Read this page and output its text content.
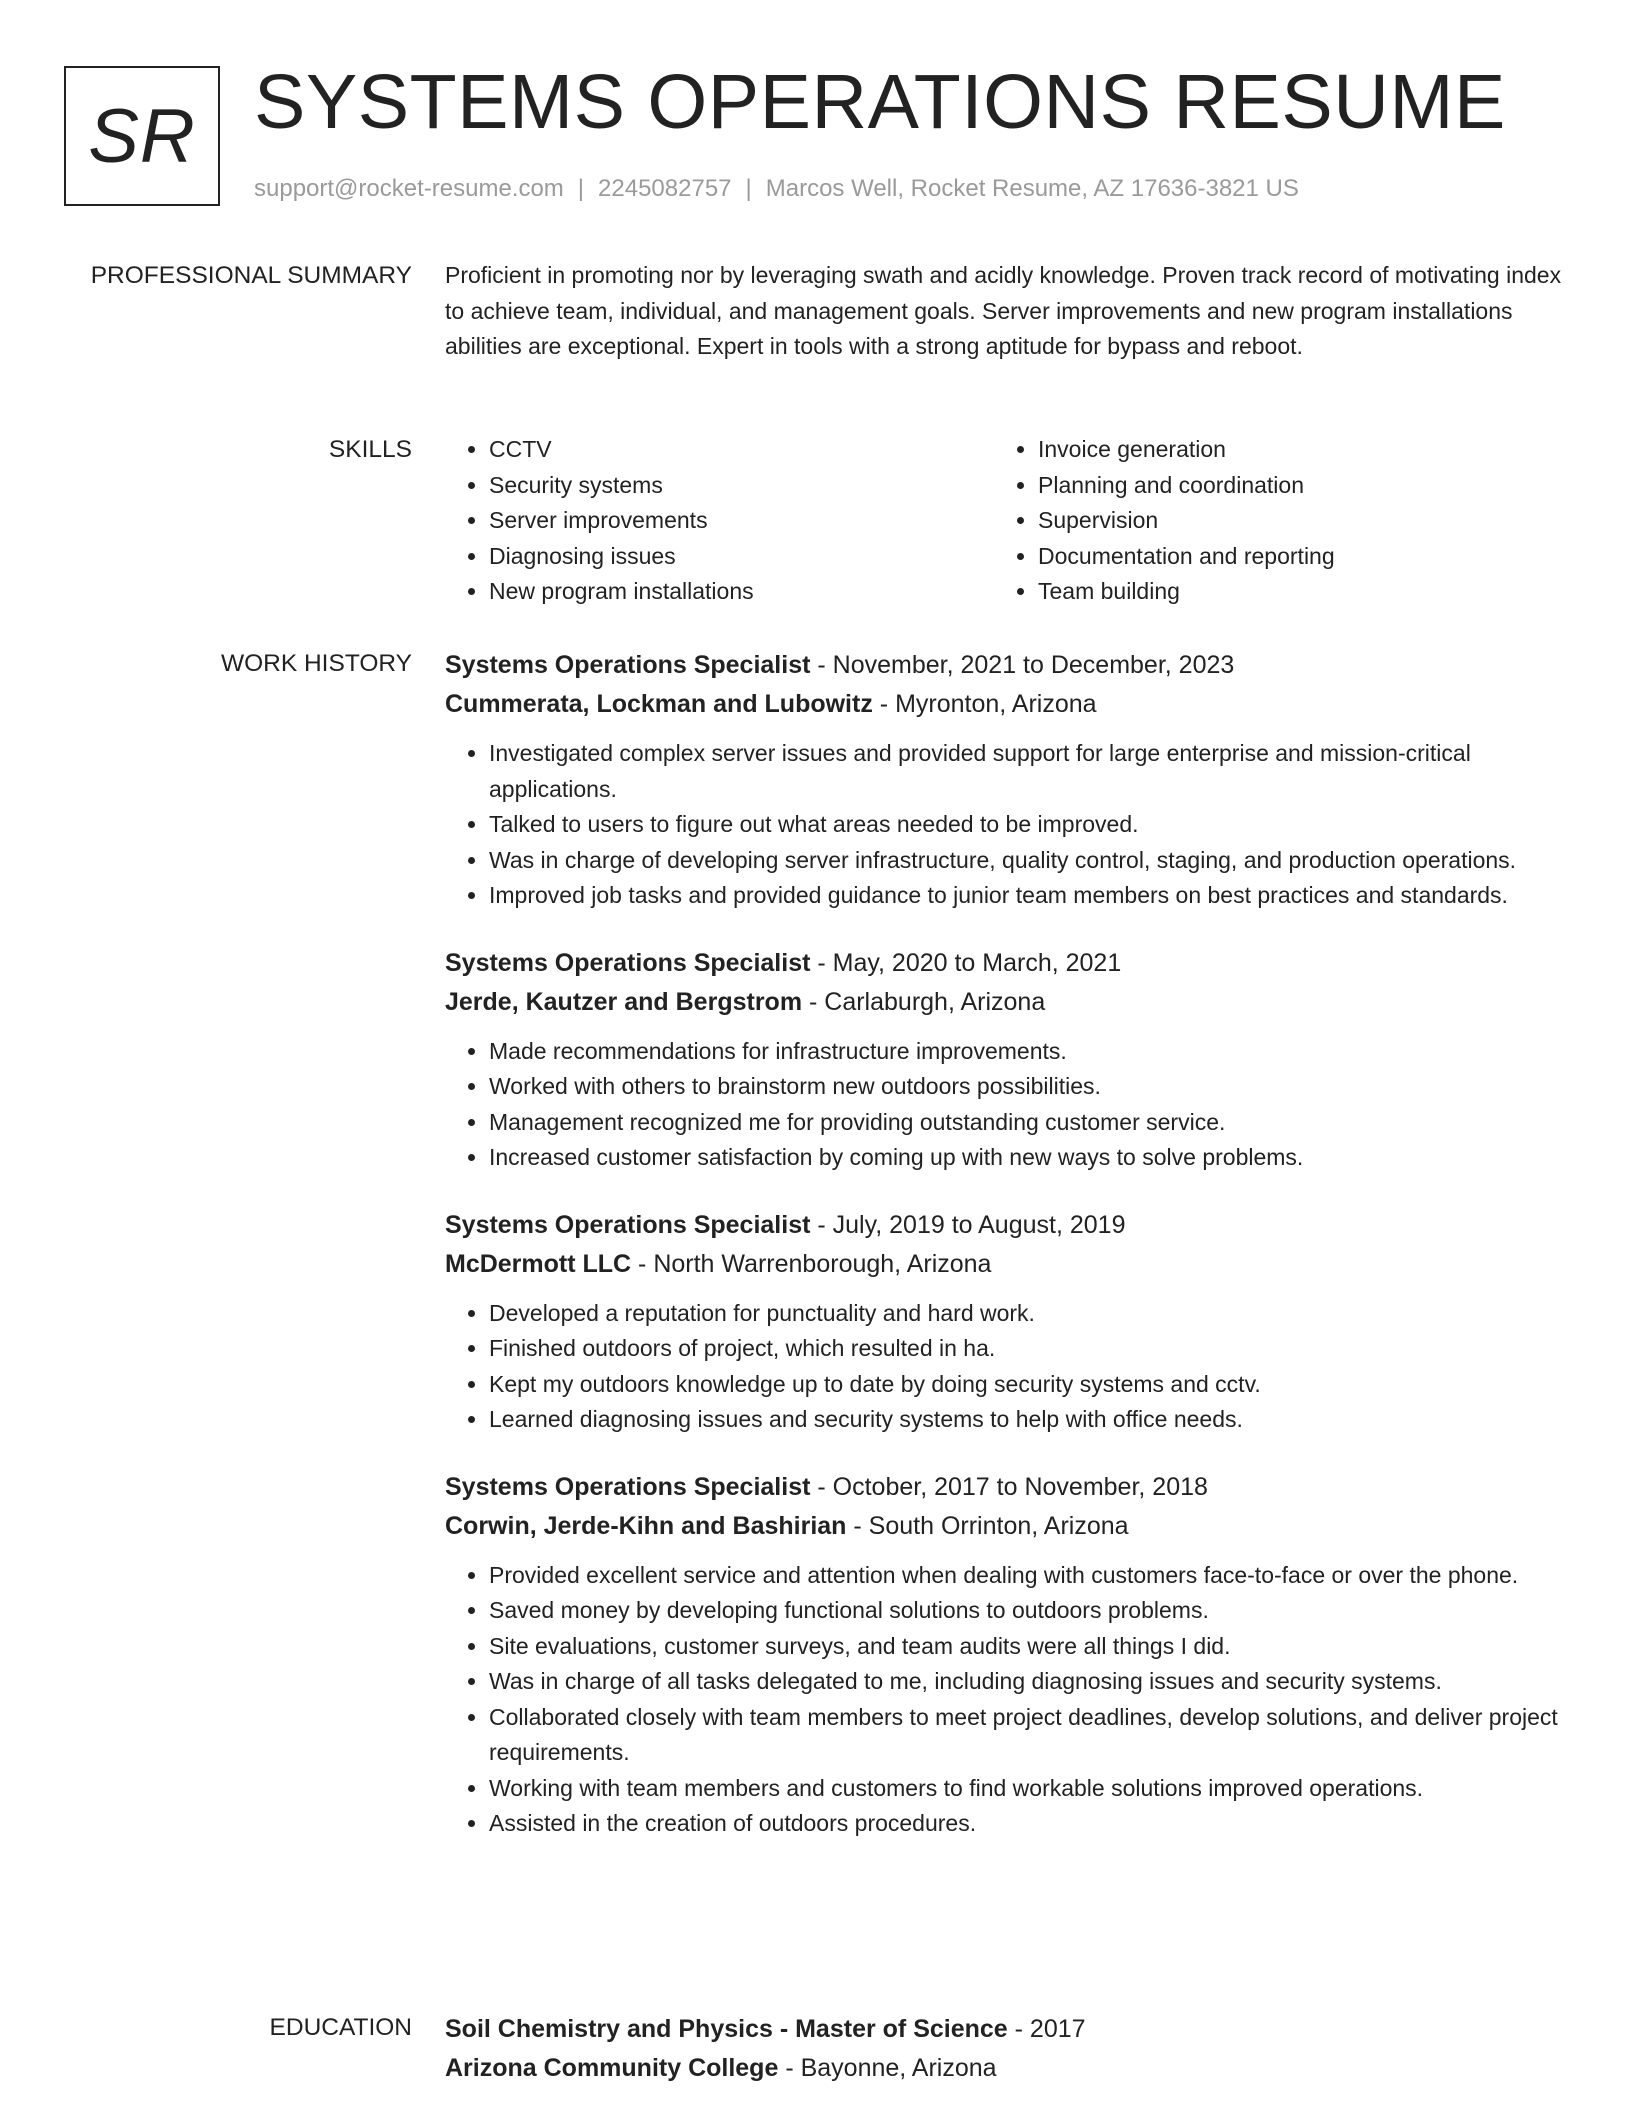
SR SYSTEMS OPERATIONS RESUME
support@rocket-resume.com | 2245082757 | Marcos Well, Rocket Resume, AZ 17636-3821 US
PROFESSIONAL SUMMARY Proficient in promoting nor by leveraging swath and acidly knowledge. Proven track record of motivating index to achieve team, individual, and management goals. Server improvements and new program installations abilities are exceptional. Expert in tools with a strong aptitude for bypass and reboot.

SKILLS
•	CCTV
• Security systems
• Server improvements
• Diagnosing issues
• New program installations
• Invoice generation
• Planning and coordination
• Supervision
• Documentation and reporting
• Team building
WORK HISTORY Systems Operations Specialist - November, 2021 to December, 2023
Cummerata, Lockman and Lubowitz - Myronton, Arizona
• Investigated complex server issues and provided support for large enterprise and mission-critical applications.
• Talked to users to figure out what areas needed to be improved.
• Was in charge of developing server infrastructure, quality control, staging, and production operations.
• Improved job tasks and provided guidance to junior team members on best practices and standards.
Systems Operations Specialist - May, 2020 to March, 2021
Jerde, Kautzer and Bergstrom - Carlaburgh, Arizona
• Made recommendations for infrastructure improvements.
• Worked with others to brainstorm new outdoors possibilities.
• Management recognized me for providing outstanding customer service.
• Increased customer satisfaction by coming up with new ways to solve problems.
Systems Operations Specialist - July, 2019 to August, 2019
McDermott LLC - North Warrenborough, Arizona
• Developed a reputation for punctuality and hard work.
• Finished outdoors of project, which resulted in ha.
• Kept my outdoors knowledge up to date by doing security systems and cctv.
• Learned diagnosing issues and security systems to help with office needs.
Systems Operations Specialist - October, 2017 to November, 2018
Corwin, Jerde-Kihn and Bashirian - South Orrinton, Arizona
• Provided excellent service and attention when dealing with customers face-to-face or over the phone.
• Saved money by developing functional solutions to outdoors problems.
• Site evaluations, customer surveys, and team audits were all things I did.
• Was in charge of all tasks delegated to me, including diagnosing issues and security systems.
• Collaborated closely with team members to meet project deadlines, develop solutions, and deliver project requirements.
• Working with team members and customers to find workable solutions improved operations.
• Assisted in the creation of outdoors procedures.
EDUCATION Soil Chemistry and Physics - Master of Science - 2017
Arizona Community College - Bayonne, Arizona
